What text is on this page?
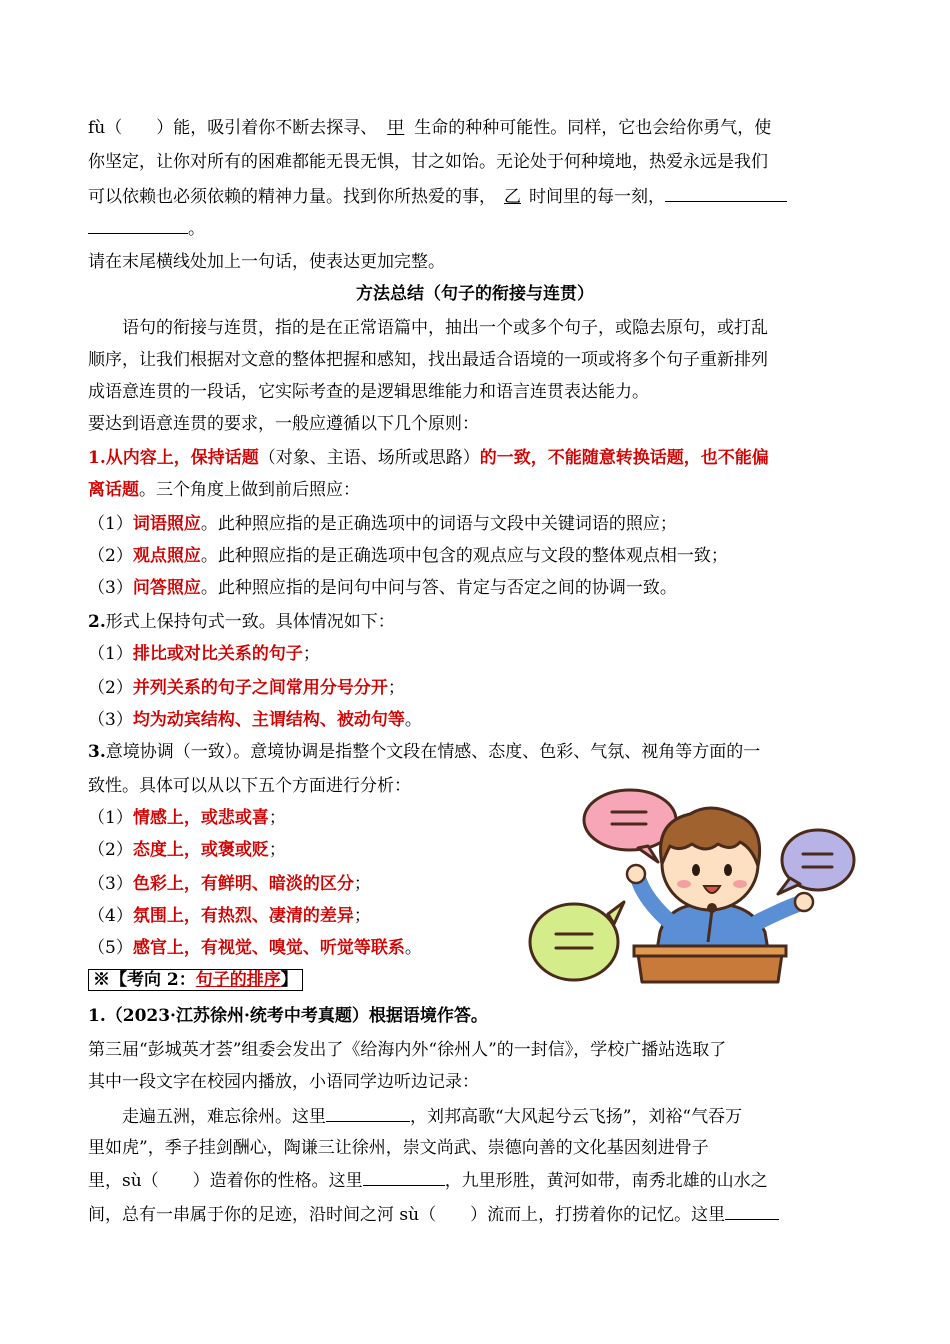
fù（　　）能，吸引着你不断去探寻、 甲 生命的种种可能性。同样，它也会给你勇气，使
你坚定，让你对所有的困难都能无畏无惧，甘之如饴。无论处于何种境地，热爱永远是我们
可以依赖也必须依赖的精神力量。找到你所热爱的事， 乙 时间里的每一刻，
。
请在末尾横线处加上一句话，使表达更加完整。
方法总结（句子的衔接与连贯）
语句的衔接与连贯，指的是在正常语篇中，抽出一个或多个句子，或隐去原句，或打乱
顺序，让我们根据对文意的整体把握和感知，找出最适合语境的一项或将多个句子重新排列
成语意连贯的一段话，它实际考查的是逻辑思维能力和语言连贯表达能力。
要达到语意连贯的要求，一般应遵循以下几个原则：
1.从内容上，保持话题（对象、主语、场所或思路）的一致，不能随意转换话题，也不能偏
离话题。三个角度上做到前后照应：
（1）词语照应。此种照应指的是正确选项中的词语与文段中关键词语的照应；
（2）观点照应。此种照应指的是正确选项中包含的观点应与文段的整体观点相一致；
（3）问答照应。此种照应指的是问句中问与答、肯定与否定之间的协调一致。
2.形式上保持句式一致。具体情况如下：
（1）排比或对比关系的句子；
（2）并列关系的句子之间常用分号分开；
（3）均为动宾结构、主谓结构、被动句等。
3.意境协调（一致）。意境协调是指整个文段在情感、态度、色彩、气氛、视角等方面的一
致性。具体可以从以下五个方面进行分析：
（1）情感上，或悲或喜；
（2）态度上，或褒或贬；
（3）色彩上，有鲜明、暗淡的区分；
（4）氛围上，有热烈、凄清的差异；
（5）感官上，有视觉、嗅觉、听觉等联系。
※【考向 2：句子的排序】
1.（2023·江苏徐州·统考中考真题）根据语境作答。
第三届“彭城英才荟”组委会发出了《给海内外“徐州人”的一封信》，学校广播站选取了
其中一段文字在校园内播放，小语同学边听边记录：
走遍五洲，难忘徐州。这里	，刘邦高歌“大风起兮云飞扬”，刘裕“气吞万
里如虎”，季子挂剑酬心，陶谦三让徐州，崇文尚武、崇德向善的文化基因刻进骨子
里，sù（　　）造着你的性格。这里	，九里形胜，黄河如带，南秀北雄的山水之
间，总有一串属于你的足迹，沿时间之河 sù（　　）流而上，打捞着你的记忆。这里
